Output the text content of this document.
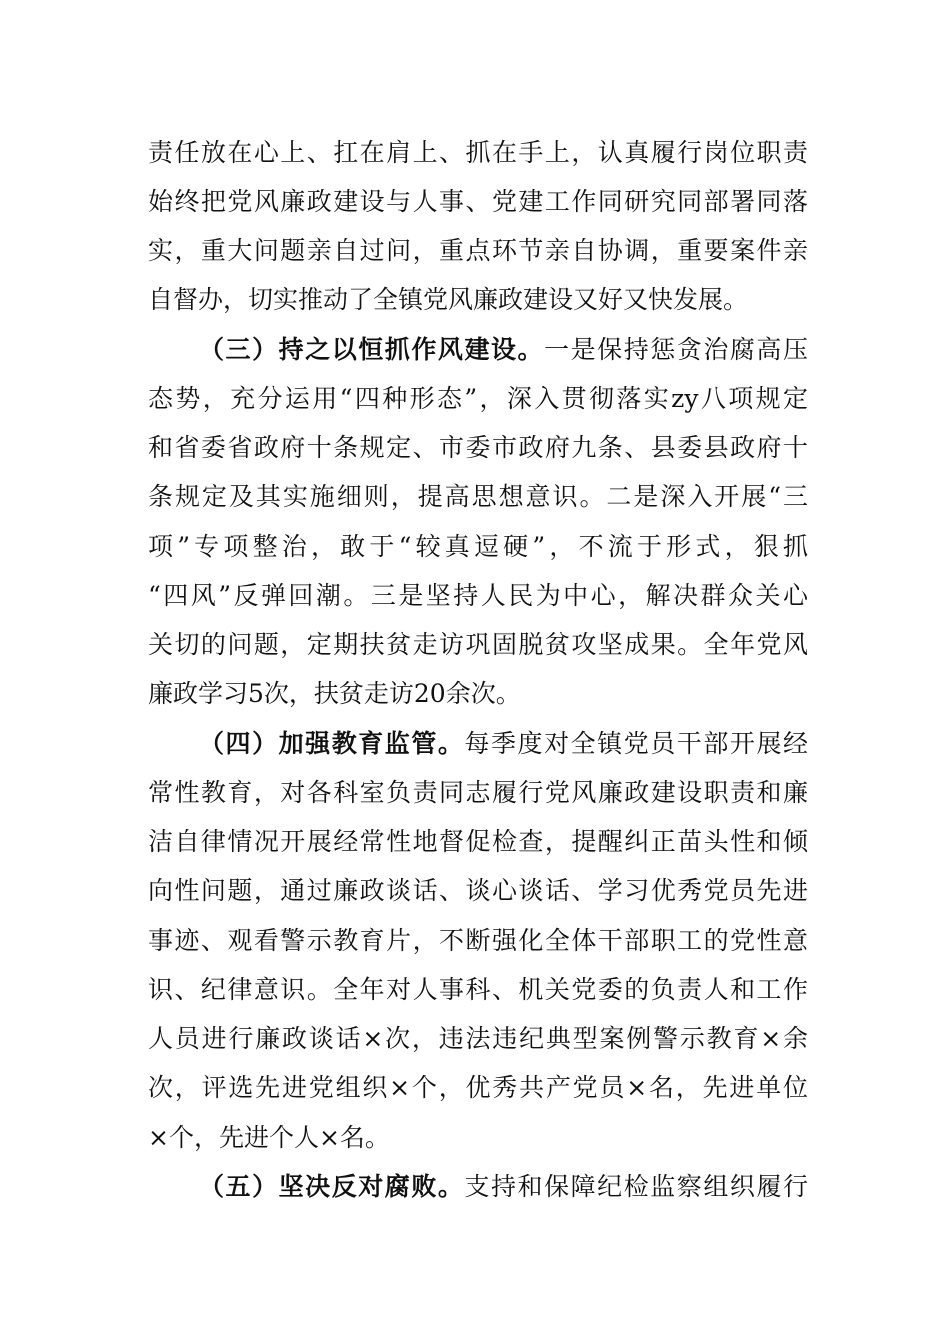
责任放在心上、扛在肩上、抓在手上，认真履行岗位职责
始终把党风廉政建设与人事、党建工作同研究同部署同落
实，重大问题亲自过问，重点环节亲自协调，重要案件亲
自督办，切实推动了全镇党风廉政建设又好又快发展。
（三）持之以恒抓作风建设。一是保持惩贪治腐高压
态势，充分运用“四种形态”，深入贯彻落实zy八项规定
和省委省政府十条规定、市委市政府九条、县委县政府十
条规定及其实施细则，提高思想意识。二是深入开展“三
项”专项整治，敢于“较真逗硬”，不流于形式，狠抓
“四风”反弹回潮。三是坚持人民为中心，解决群众关心
关切的问题，定期扶贫走访巩固脱贫攻坚成果。全年党风
廉政学习5次，扶贫走访20余次。
（四）加强教育监管。每季度对全镇党员干部开展经
常性教育，对各科室负责同志履行党风廉政建设职责和廉
洁自律情况开展经常性地督促检查，提醒纠正苗头性和倾
向性问题，通过廉政谈话、谈心谈话、学习优秀党员先进
事迹、观看警示教育片，不断强化全体干部职工的党性意
识、纪律意识。全年对人事科、机关党委的负责人和工作
人员进行廉政谈话×次，违法违纪典型案例警示教育×余
次，评选先进党组织×个，优秀共产党员×名，先进单位
×个，先进个人×名。
（五）坚决反对腐败。支持和保障纪检监察组织履行
